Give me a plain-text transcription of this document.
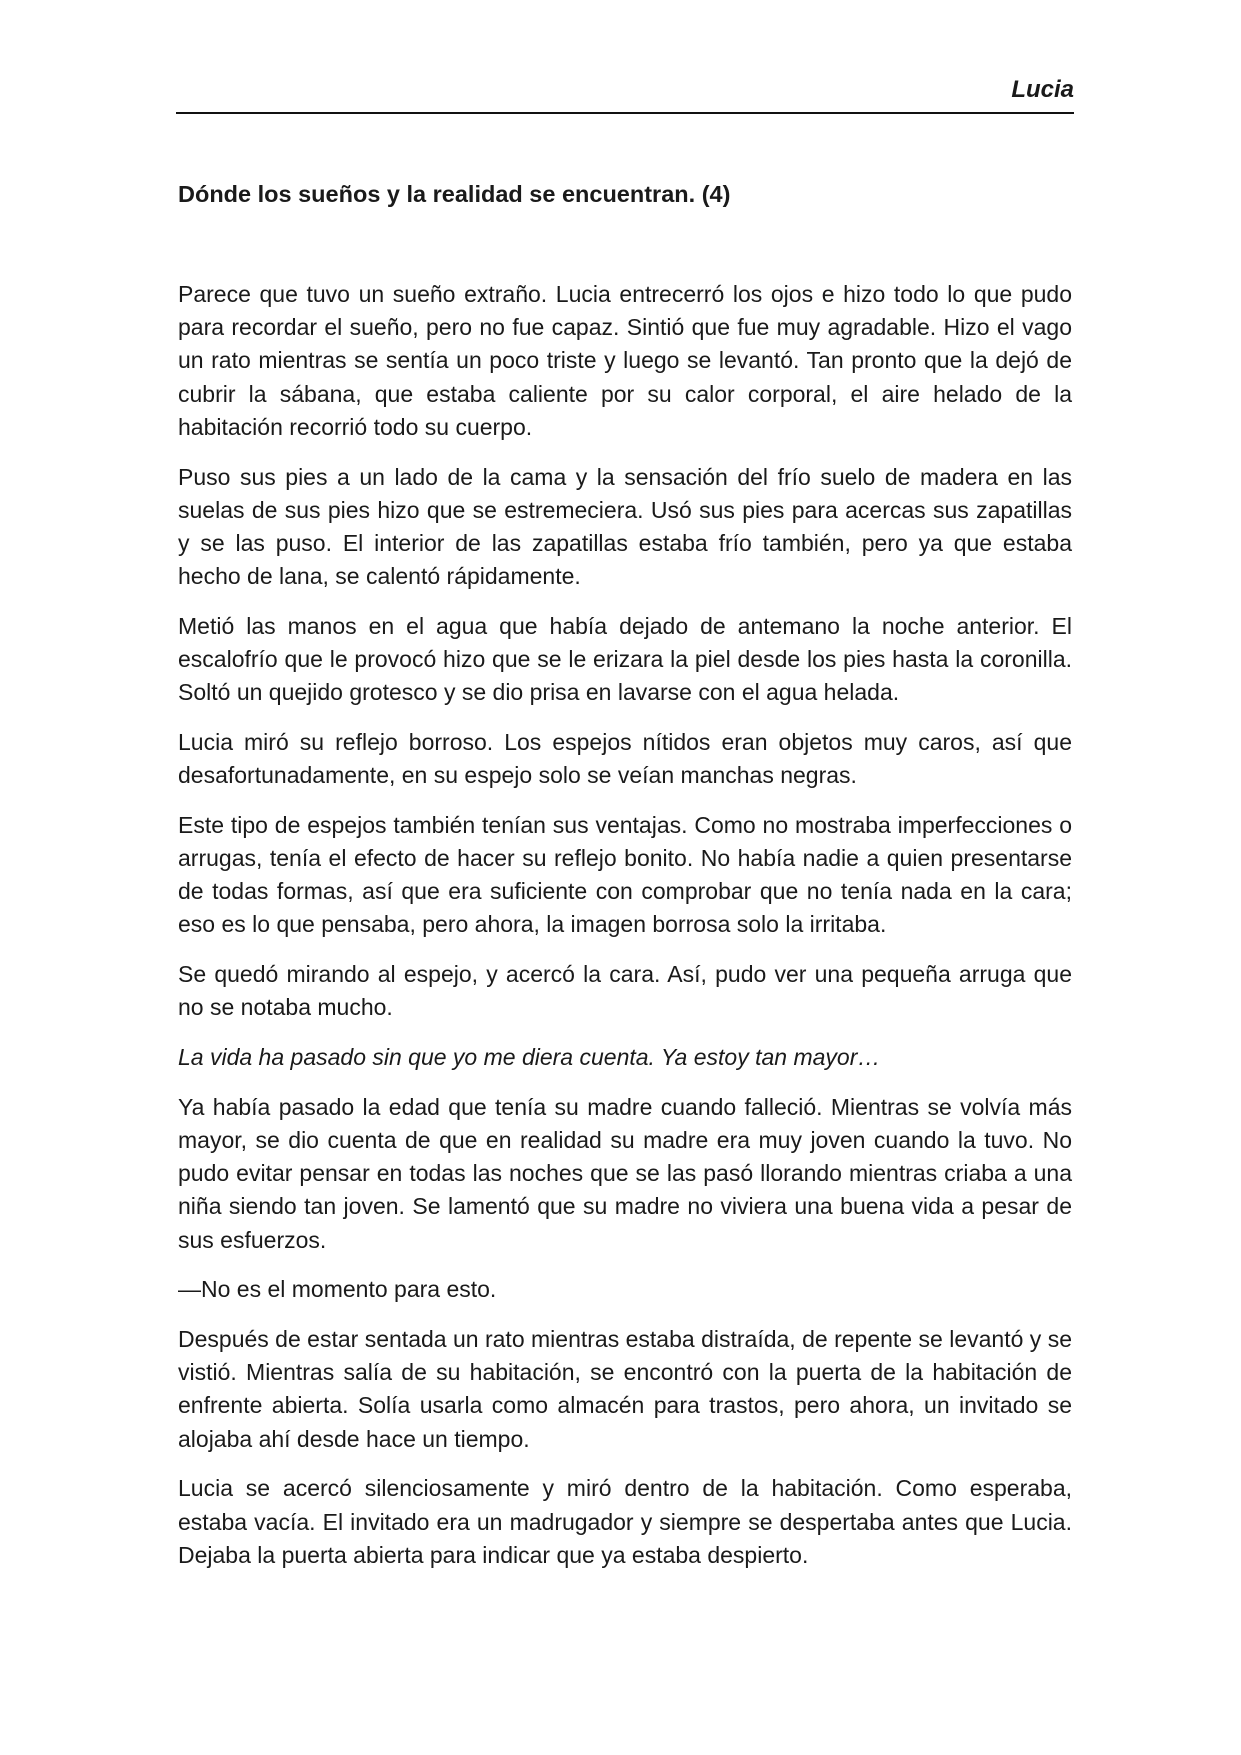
Lucia
Dónde los sueños y la realidad se encuentran. (4)

Parece que tuvo un sueño extraño. Lucia entrecerró los ojos e hizo todo lo que pudo para recordar el sueño, pero no fue capaz. Sintió que fue muy agradable. Hizo el vago un rato mientras se sentía un poco triste y luego se levantó. Tan pronto que la dejó de cubrir la sábana, que estaba caliente por su calor corporal, el aire helado de la habitación recorrió todo su cuerpo.

Puso sus pies a un lado de la cama y la sensación del frío suelo de madera en las suelas de sus pies hizo que se estremeciera. Usó sus pies para acercas sus zapatillas y se las puso. El interior de las zapatillas estaba frío también, pero ya que estaba hecho de lana, se calentó rápidamente.

Metió las manos en el agua que había dejado de antemano la noche anterior. El escalofrío que le provocó hizo que se le erizara la piel desde los pies hasta la coronilla. Soltó un quejido grotesco y se dio prisa en lavarse con el agua helada.

Lucia miró su reflejo borroso. Los espejos nítidos eran objetos muy caros, así que desafortunadamente, en su espejo solo se veían manchas negras.

Este tipo de espejos también tenían sus ventajas. Como no mostraba imperfecciones o arrugas, tenía el efecto de hacer su reflejo bonito. No había nadie a quien presentarse de todas formas, así que era suficiente con comprobar que no tenía nada en la cara; eso es lo que pensaba, pero ahora, la imagen borrosa solo la irritaba.

Se quedó mirando al espejo, y acercó la cara. Así, pudo ver una pequeña arruga que no se notaba mucho.

La vida ha pasado sin que yo me diera cuenta. Ya estoy tan mayor…

Ya había pasado la edad que tenía su madre cuando falleció. Mientras se volvía más mayor, se dio cuenta de que en realidad su madre era muy joven cuando la tuvo. No pudo evitar pensar en todas las noches que se las pasó llorando mientras criaba a una niña siendo tan joven. Se lamentó que su madre no viviera una buena vida a pesar de sus esfuerzos.

—No es el momento para esto.

Después de estar sentada un rato mientras estaba distraída, de repente se levantó y se vistió. Mientras salía de su habitación, se encontró con la puerta de la habitación de enfrente abierta. Solía usarla como almacén para trastos, pero ahora, un invitado se alojaba ahí desde hace un tiempo.

Lucia se acercó silenciosamente y miró dentro de la habitación. Como esperaba, estaba vacía. El invitado era un madrugador y siempre se despertaba antes que Lucia. Dejaba la puerta abierta para indicar que ya estaba despierto.
